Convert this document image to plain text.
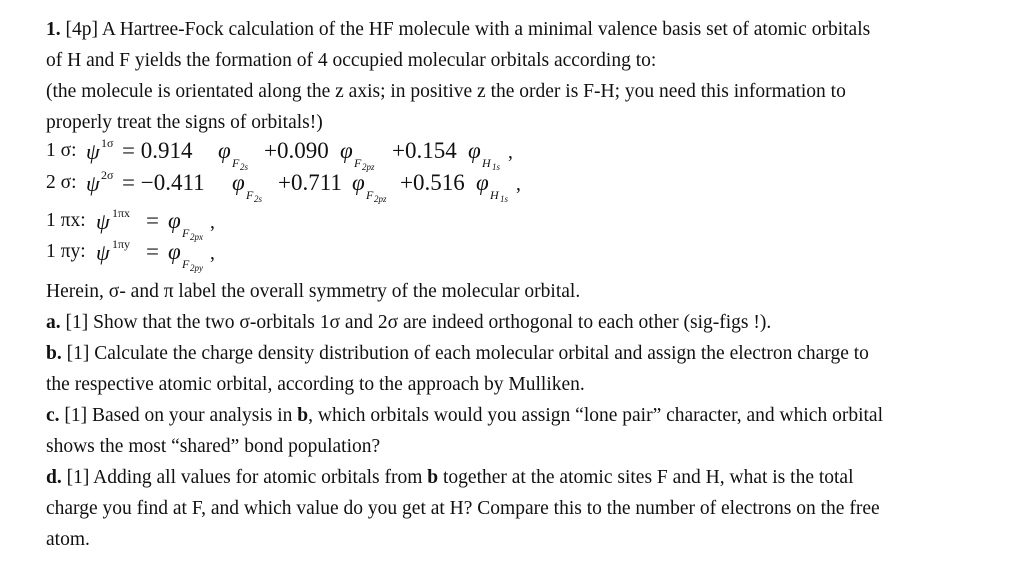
1. [4p] A Hartree-Fock calculation of the HF molecule with a minimal valence basis set of atomic orbitals
of H and F yields the formation of 4 occupied molecular orbitals according to:
(the molecule is orientated along the z axis; in positive z the order is F-H; you need this information to
properly treat the signs of orbitals!)
1 σ: ψ 1σ = 0.914 φ F 2s
+0.090 φ F 2pz
+0.154 φ H 1s
,
2 σ: ψ 2σ = −0.411 φ F 2s
+0.711 φ F 2pz
+0.516 φ H 1s
,
1 πx: ψ 1πx = φ F 2px
,
1 πy: ψ 1πy = φ F 2py
,
Herein, σ- and π label the overall symmetry of the molecular orbital.
a. [1] Show that the two σ-orbitals 1σ and 2σ are indeed orthogonal to each other (sig-figs !).
b. [1] Calculate the charge density distribution of each molecular orbital and assign the electron charge to
the respective atomic orbital, according to the approach by Mulliken.
c. [1] Based on your analysis in b, which orbitals would you assign “lone pair” character, and which orbital
shows the most “shared” bond population?
d. [1] Adding all values for atomic orbitals from b together at the atomic sites F and H, what is the total
charge you find at F, and which value do you get at H? Compare this to the number of electrons on the free
atom.
